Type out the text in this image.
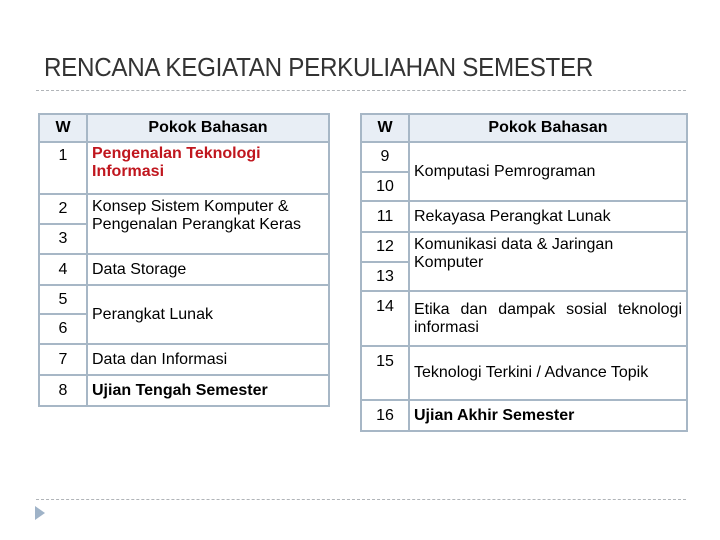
RENCANA KEGIATAN PERKULIAHAN SEMESTER
W	Pokok Bahasan
1	Pengenalan Teknologi Informasi
2	Konsep Sistem Komputer & Pengenalan Perangkat Keras
3	
4	Data Storage
5	Perangkat Lunak
6	
7	Data dan Informasi
8	Ujian Tengah Semester
W	Pokok Bahasan
9	Komputasi Pemrograman
10	
11	Rekayasa Perangkat Lunak
12	Komunikasi data & Jaringan Komputer
13	
14	Etika dan dampak sosial teknologi informasi
15	Teknologi Terkini / Advance Topik
16	Ujian Akhir Semester
